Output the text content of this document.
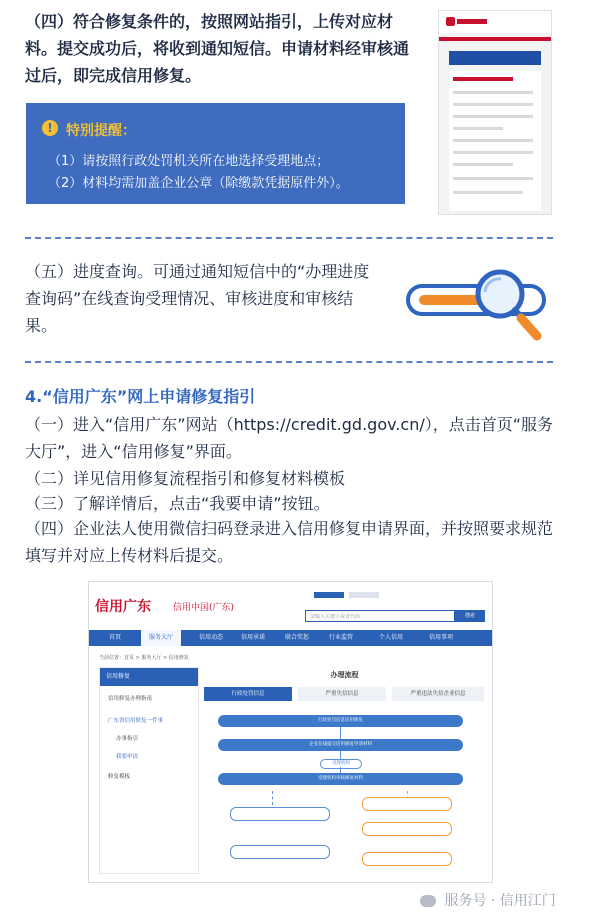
（四）符合修复条件的，按照网站指引，上传对应材料。提交成功后，将收到通知短信。申请材料经审核通过后，即完成信用修复。
! 特别提醒：
（1）请按照行政处罚机关所在地选择受理地点；
（2）材料均需加盖企业公章（除缴款凭据原件外）。
（五）进度查询。可通过通知短信中的“办理进度查询码”在线查询受理情况、审核进度和审核结果。
4.“信用广东”网上申请修复指引
（一）进入“信用广东”网站（https://credit.gd.gov.cn/），点击首页“服务大厅”，进入“信用修复”界面。
（二）详见信用修复流程指引和修复材料模板
（三）了解详情后，点击“我要申请”按钮。
（四）企业法人使用微信扫码登录进入信用修复申请界面，并按照要求规范填写并对应上传材料后提交。
信用广东 信用中国(广东)
请输入关键字或者代码	搜索
首页	服务大厅	信用动态	信用承诺	联合奖惩	行业监管	个人信用	信用事项
当前位置：首页 > 服务大厅 > 信用修复
信用修复
信用修复办理指南
广东省信用修复一件事
办事指引
我要申请
修复模板
办理流程
行政处罚信息	严重失信信息	严重违法失信企业信息
行政处罚信息信用修复
企业在线提交信用修复申请材料
受理机构
受理机构审核修复材料
服务号 · 信用江门
